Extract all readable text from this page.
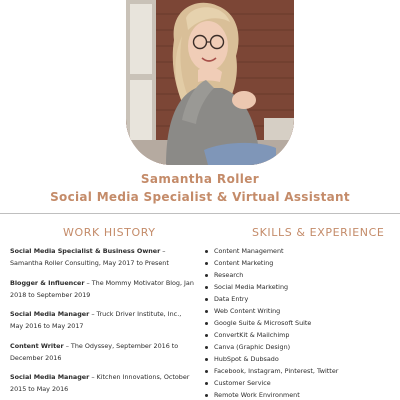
Samantha Roller
Social Media Specialist & Virtual Assistant
WORK HISTORY
Social Media Specialist & Business Owner – Samantha Roller Consulting, May 2017 to Present
Blogger & Influencer – The Mommy Motivator Blog, Jan 2018 to September 2019
Social Media Manager – Truck Driver Institute, Inc., May 2016 to May 2017
Content Writer – The Odyssey, September 2016 to December 2016
Social Media Manager – Kitchen Innovations, October 2015 to May 2016
SKILLS & EXPERIENCE
Content Management
Content Marketing
Research
Social Media Marketing
Data Entry
Web Content Writing
Google Suite & Microsoft Suite
ConvertKit & Mailchimp
Canva (Graphic Design)
HubSpot & Dubsado
Facebook, Instagram, Pinterest, Twitter
Customer Service
Remote Work Environment
